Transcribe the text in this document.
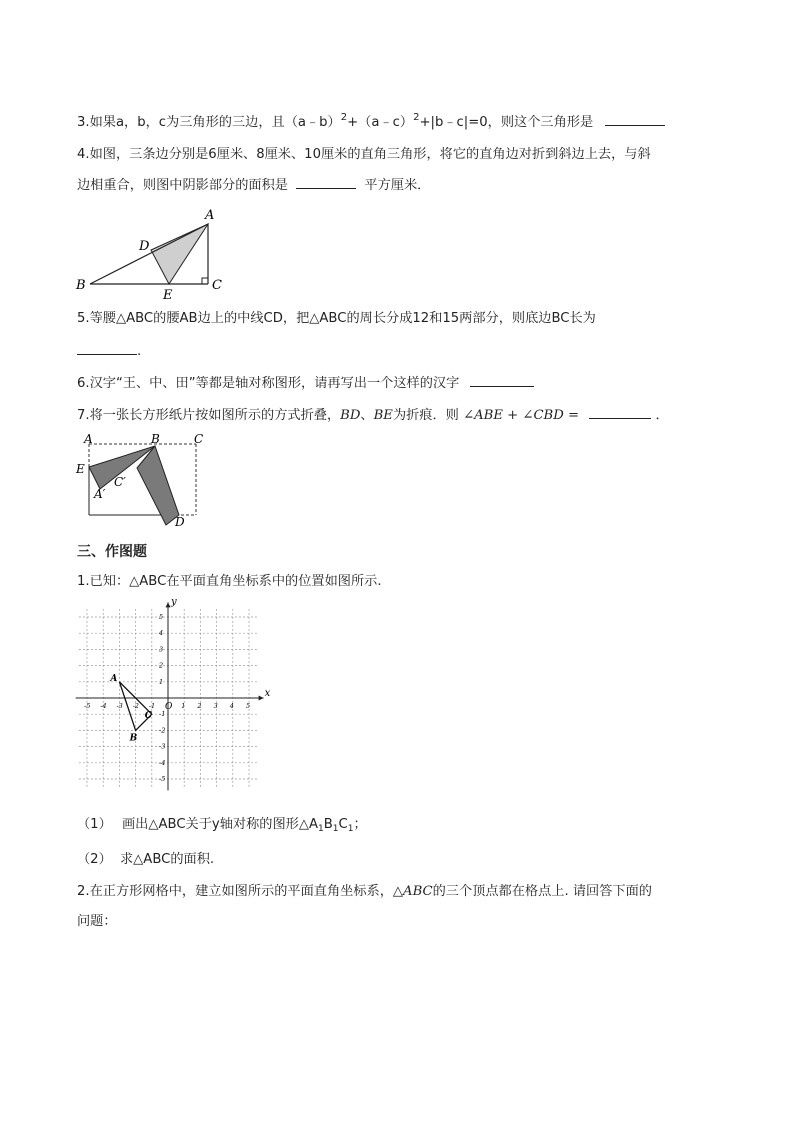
3.如果a，b，c为三角形的三边，且（a﹣b）$^2$+（a﹣c）$^2$+|b﹣c|=0，则这个三角形是
4.如图，三条边分别是6厘米、8厘米、10厘米的直角三角形，将它的直角边对折到斜边上去，与斜
边相重合，则图中阴影部分的面积是	平方厘米．
A
B	C
D
E
5.等腰△ABC的腰AB边上的中线CD，把△ABC的周长分成12和15两部分，则底边BC长为
.
6.汉字“王、中、田”等都是轴对称图形，请再写出一个这样的汉字
7.将一张长方形纸片按如图所示的方式折叠，BD、BE为折痕．则 ∠ABE + ∠CBD =	．
A	B	C
E
A′
C′
D
三、作图题
1.已知：△ABC在平面直角坐标系中的位置如图所示.
-5
-5
-4
-4
-3
-3
-2
-2
-1
-1
1
1
2
2
3
3
4
4
5
5
x
y
O
A
B
C
（1） 画出△ABC关于y轴对称的图形$\triangle A_1B_1C_1$；
（2） 求△ABC的面积.
2.在正方形网格中，建立如图所示的平面直角坐标系，△ABC的三个顶点都在格点上. 请回答下面的
问题：
